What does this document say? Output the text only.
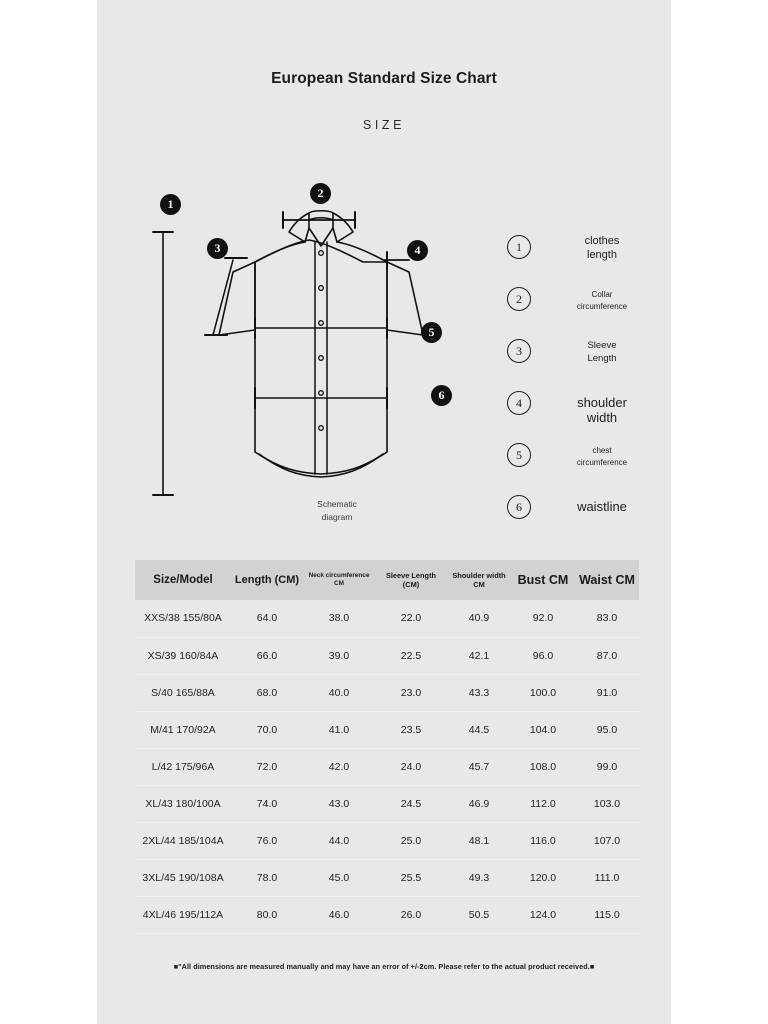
European Standard Size Chart
SIZE
1
2
3	4
5
6
Schematic
diagram
1	clothes
length
2	Collar
circumference
3	Sleeve
Length
4	shoulder
width
5	chest
circumference
6	waistline
Size/Model	Length (CM)	Neck circumference
CM	Sleeve Length (CM)	Shoulder width CM	Bust CM	Waist CM
XXS/38 155/80A	64.0	38.0	22.0	40.9	92.0	83.0
XS/39 160/84A	66.0	39.0	22.5	42.1	96.0	87.0
S/40 165/88A	68.0	40.0	23.0	43.3	100.0	91.0
M/41 170/92A	70.0	41.0	23.5	44.5	104.0	95.0
L/42 175/96A	72.0	42.0	24.0	45.7	108.0	99.0
XL/43 180/100A	74.0	43.0	24.5	46.9	112.0	103.0
2XL/44 185/104A	76.0	44.0	25.0	48.1	116.0	107.0
3XL/45 190/108A	78.0	45.0	25.5	49.3	120.0	111.0
4XL/46 195/112A	80.0	46.0	26.0	50.5	124.0	115.0
■"All dimensions are measured manually and may have an error of +/-2cm. Please refer to the actual product received.■
